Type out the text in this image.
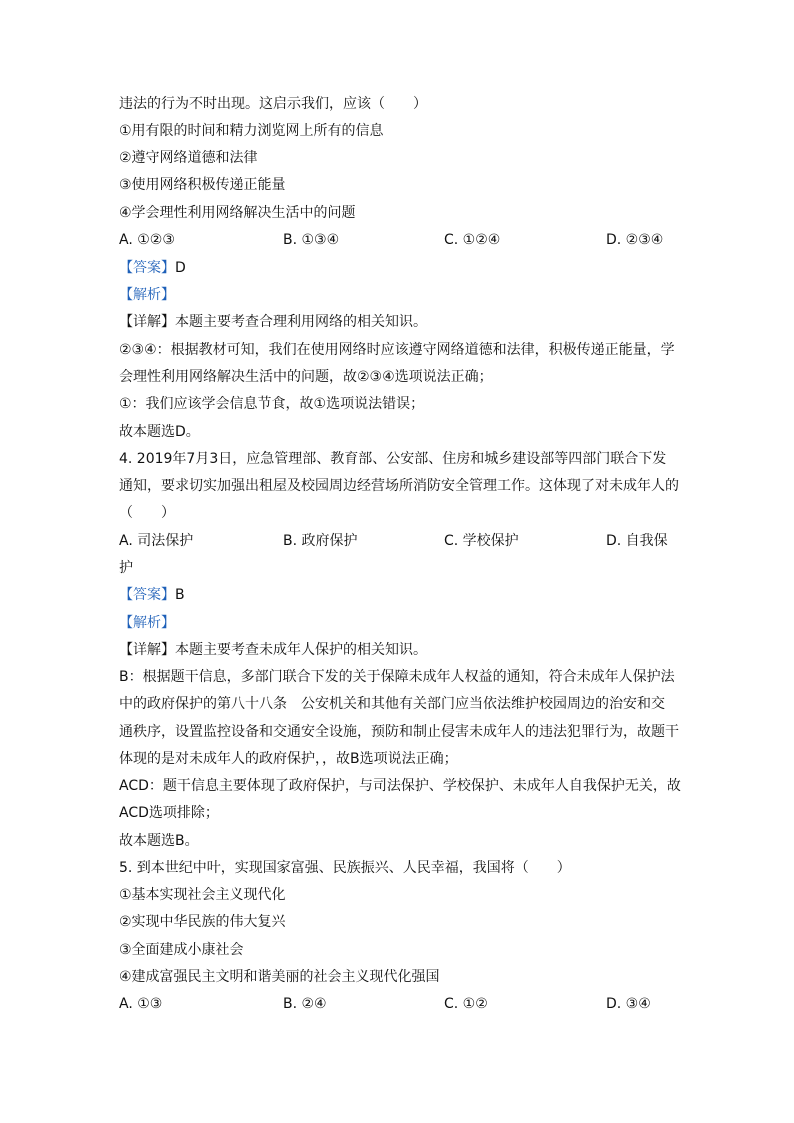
违法的行为不时出现。这启示我们，应该（　　）
①用有限的时间和精力浏览网上所有的信息
②遵守网络道德和法律
③使用网络积极传递正能量
④学会理性利用网络解决生活中的问题
A. ①②③	B. ①③④	C. ①②④	D. ②③④
【答案】D
【解析】
【详解】本题主要考查合理利用网络的相关知识。
②③④：根据教材可知，我们在使用网络时应该遵守网络道德和法律，积极传递正能量，学
会理性利用网络解决生活中的问题，故②③④选项说法正确；
①：我们应该学会信息节食，故①选项说法错误；
故本题选D。
4. 2019年7月3日，应急管理部、教育部、公安部、住房和城乡建设部等四部门联合下发
通知，要求切实加强出租屋及校园周边经营场所消防安全管理工作。这体现了对未成年人的
（　　）
A. 司法保护	B. 政府保护	C. 学校保护	D. 自我保
护
【答案】B
【解析】
【详解】本题主要考查未成年人保护的相关知识。
B：根据题干信息，多部门联合下发的关于保障未成年人权益的通知，符合未成年人保护法
中的政府保护的第八十八条　公安机关和其他有关部门应当依法维护校园周边的治安和交
通秩序，设置监控设备和交通安全设施，预防和制止侵害未成年人的违法犯罪行为，故题干
体现的是对未成年人的政府保护，，故B选项说法正确；
ACD：题干信息主要体现了政府保护，与司法保护、学校保护、未成年人自我保护无关，故
ACD选项排除；
故本题选B。
5. 到本世纪中叶，实现国家富强、民族振兴、人民幸福，我国将（　　）
①基本实现社会主义现代化
②实现中华民族的伟大复兴
③全面建成小康社会
④建成富强民主文明和谐美丽的社会主义现代化强国
A. ①③	B. ②④	C. ①②	D. ③④
